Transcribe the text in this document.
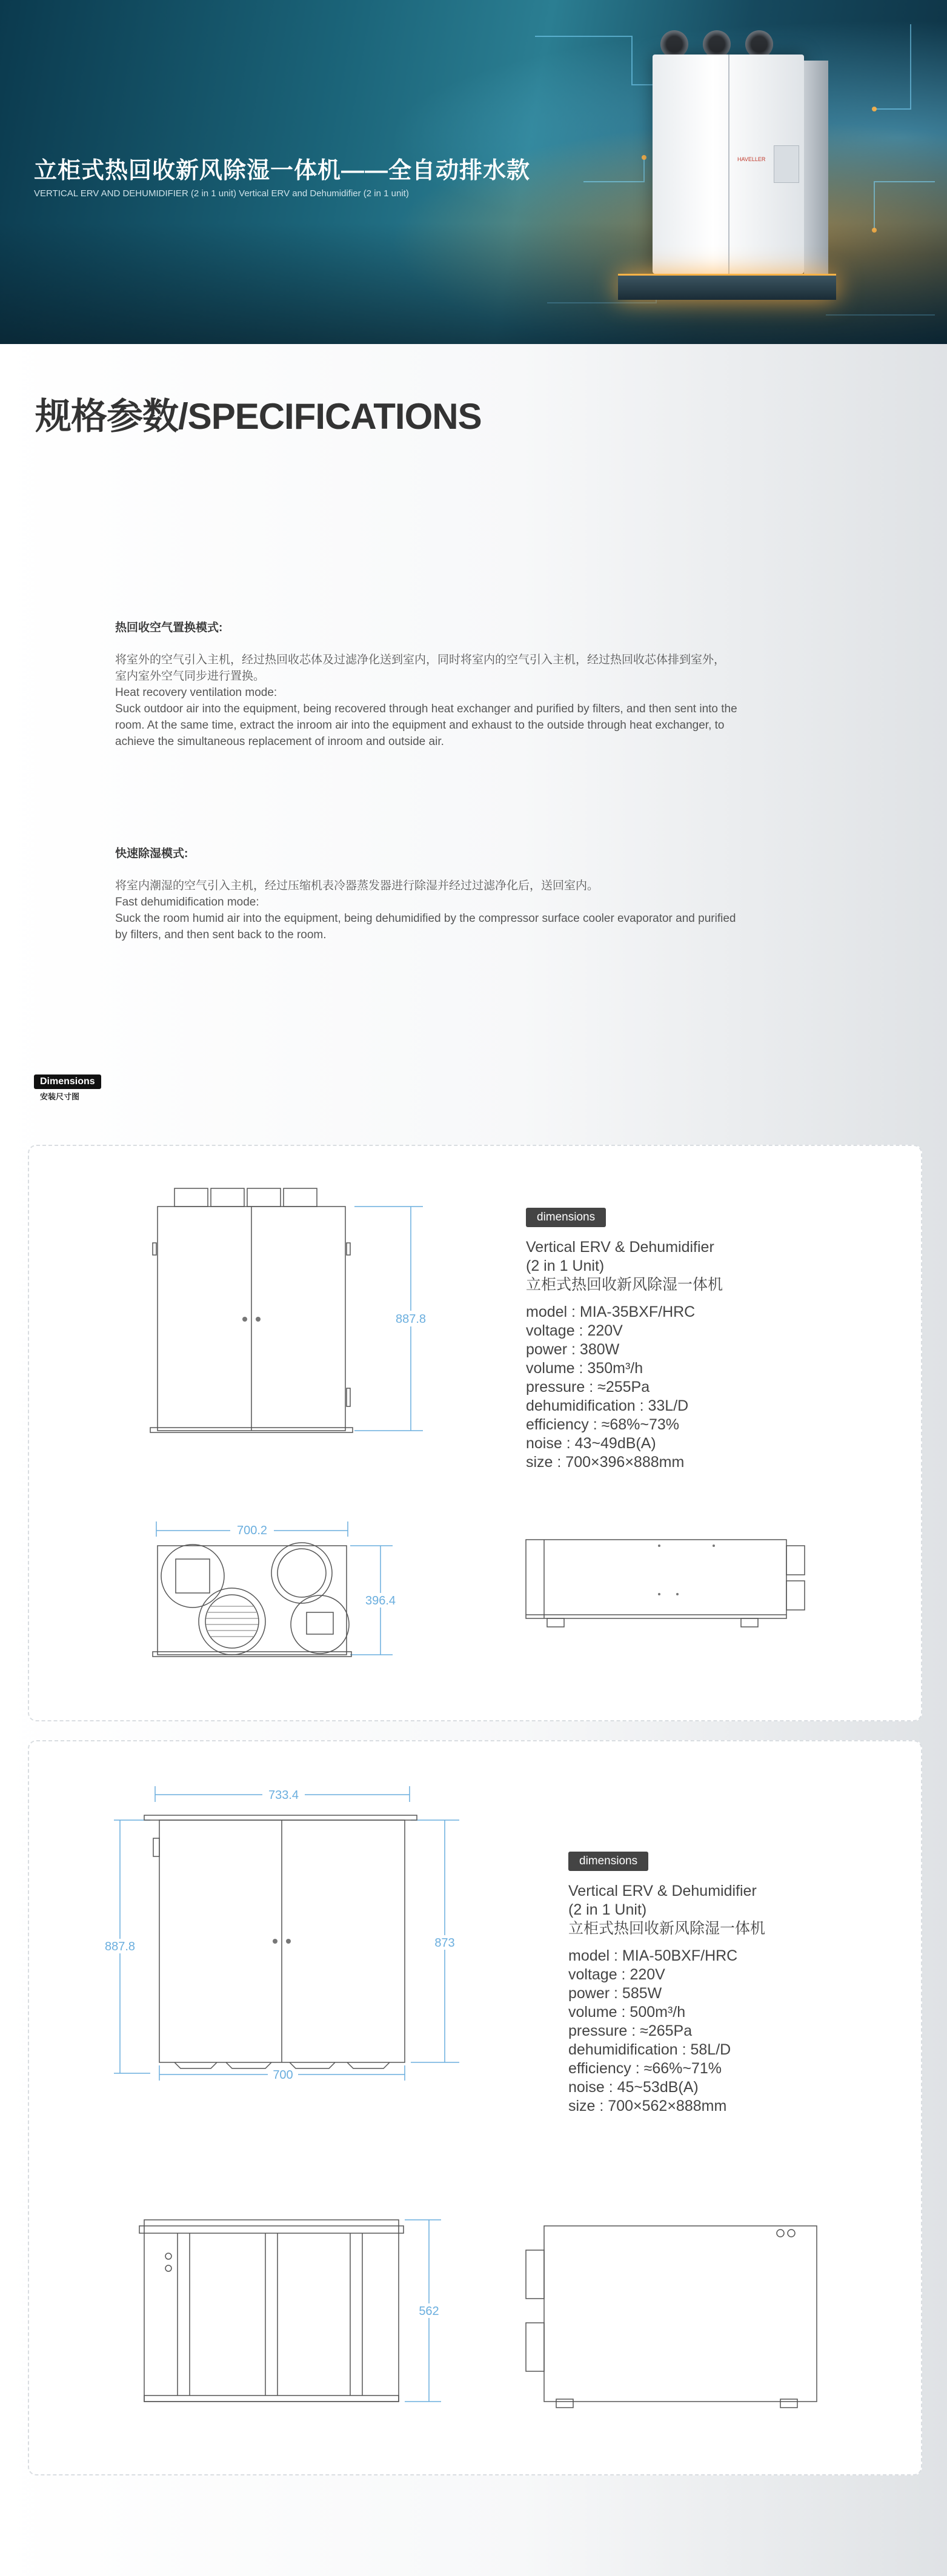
HAVELLER
立柜式热回收新风除湿一体机——全自动排水款
VERTICAL ERV AND DEHUMIDIFIER (2 in 1 unit) Vertical ERV and Dehumidifier (2 in 1 unit)
规格参数/SPECIFICATIONS
热回收空气置换模式:

将室外的空气引入主机，经过热回收芯体及过滤净化送到室内，同时将室内的空气引入主机，经过热回收芯体排到室外，

室内室外空气同步进行置换。

Heat recovery ventilation mode:

Suck outdoor air into the equipment, being recovered through heat exchanger and purified by filters, and then sent into the

room. At the same time, extract the inroom air into the equipment and exhaust to the outside through heat exchanger, to

achieve the simultaneous replacement of inroom and outside air.

快速除湿模式:

将室内潮湿的空气引入主机，经过压缩机表冷器蒸发器进行除湿并经过过滤净化后，送回室内。

Fast dehumidification mode:

Suck the room humid air into the equipment, being dehumidified by the compressor surface cooler evaporator and purified

by filters, and then sent back to the room.

Dimensions
安装尺寸图
887.8
700.2
396.4
dimensions
Vertical ERV & Dehumidifier
(2 in 1 Unit)
立柜式热回收新风除湿一体机
model : MIA-35BXF/HRC
voltage : 220V
power : 380W
volume : 350m³/h
pressure : ≈255Pa
dehumidification : 33L/D
efficiency : ≈68%~73%
noise : 43~49dB(A)
size : 700×396×888mm
733.4
887.8	873
700
562
dimensions
Vertical ERV & Dehumidifier
(2 in 1 Unit)
立柜式热回收新风除湿一体机
model : MIA-50BXF/HRC
voltage : 220V
power : 585W
volume : 500m³/h
pressure : ≈265Pa
dehumidification : 58L/D
efficiency : ≈66%~71%
noise : 45~53dB(A)
size : 700×562×888mm
